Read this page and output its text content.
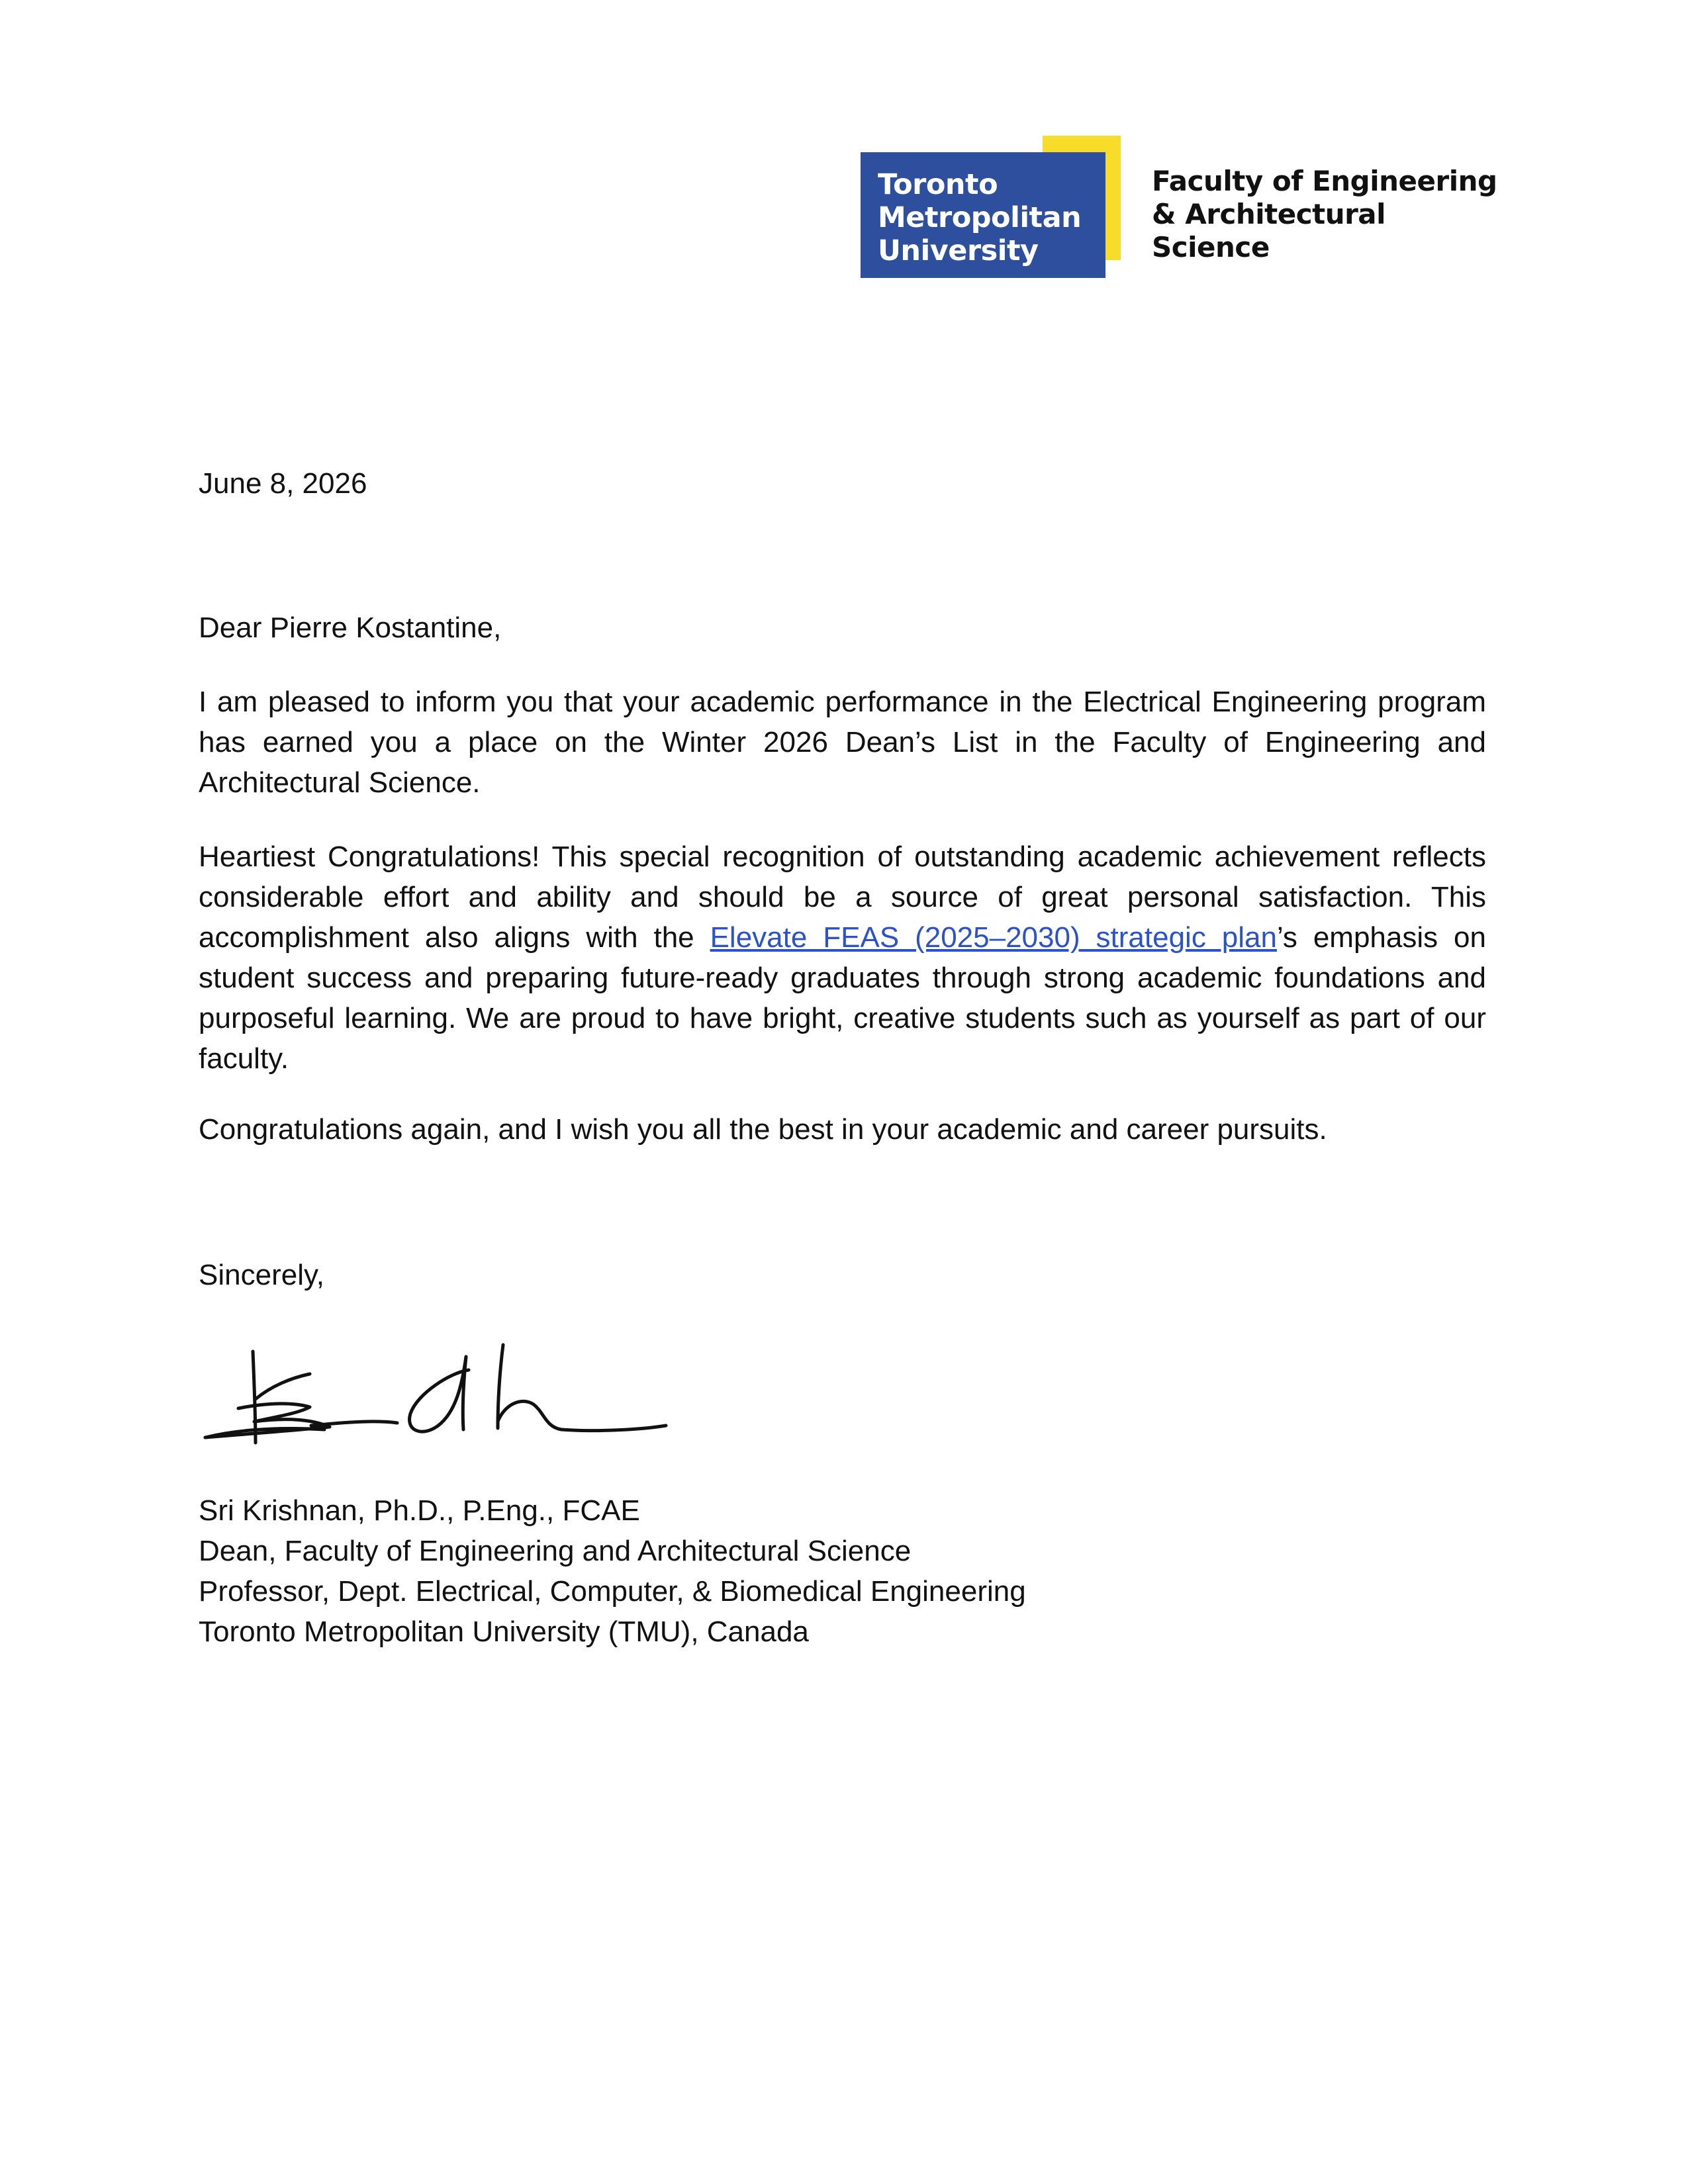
Toronto
Metropolitan
University
Faculty of Engineering
& Architectural
Science

June 8, 2026

Dear Pierre Kostantine,

I am pleased to inform you that your academic performance in the Electrical Engineering program has earned you a place on the Winter 2026 Dean’s List in the Faculty of Engineering and Architectural Science.

Heartiest Congratulations! This special recognition of outstanding academic achievement reflects considerable effort and ability and should be a source of great personal satisfaction. This accomplishment also aligns with the Elevate FEAS (2025–2030) strategic plan’s emphasis on student success and preparing future-ready graduates through strong academic foundations and purposeful learning. We are proud to have bright, creative students such as yourself as part of our faculty.

Congratulations again, and I wish you all the best in your academic and career pursuits.

Sincerely,

Sri Krishnan, Ph.D., P.Eng., FCAE
Dean, Faculty of Engineering and Architectural Science
Professor, Dept. Electrical, Computer, & Biomedical Engineering
Toronto Metropolitan University (TMU), Canada
